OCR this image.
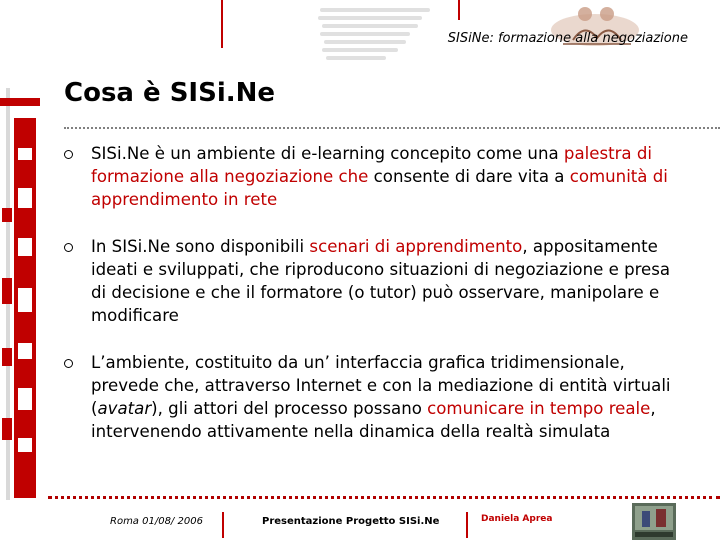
SISiNe: formazione alla negoziazione
Cosa è SISi.Ne
SISi.Ne è un ambiente di e-learning concepito come una palestra di formazione alla negoziazione che consente di dare vita a comunità di apprendimento in rete
In SISi.Ne sono disponibili scenari di apprendimento, appositamente ideati e sviluppati, che riproducono situazioni di negoziazione e presa di decisione e che il formatore (o tutor) può osservare, manipolare e modificare
L’ambiente, costituito da un’ interfaccia grafica tridimensionale, prevede che, attraverso Internet e con la mediazione di entità virtuali (avatar), gli attori del processo possano comunicare in tempo reale, intervenendo attivamente nella dinamica della realtà simulata
Roma 01/08/ 2006	Presentazione Progetto SISi.Ne	Daniela Aprea
